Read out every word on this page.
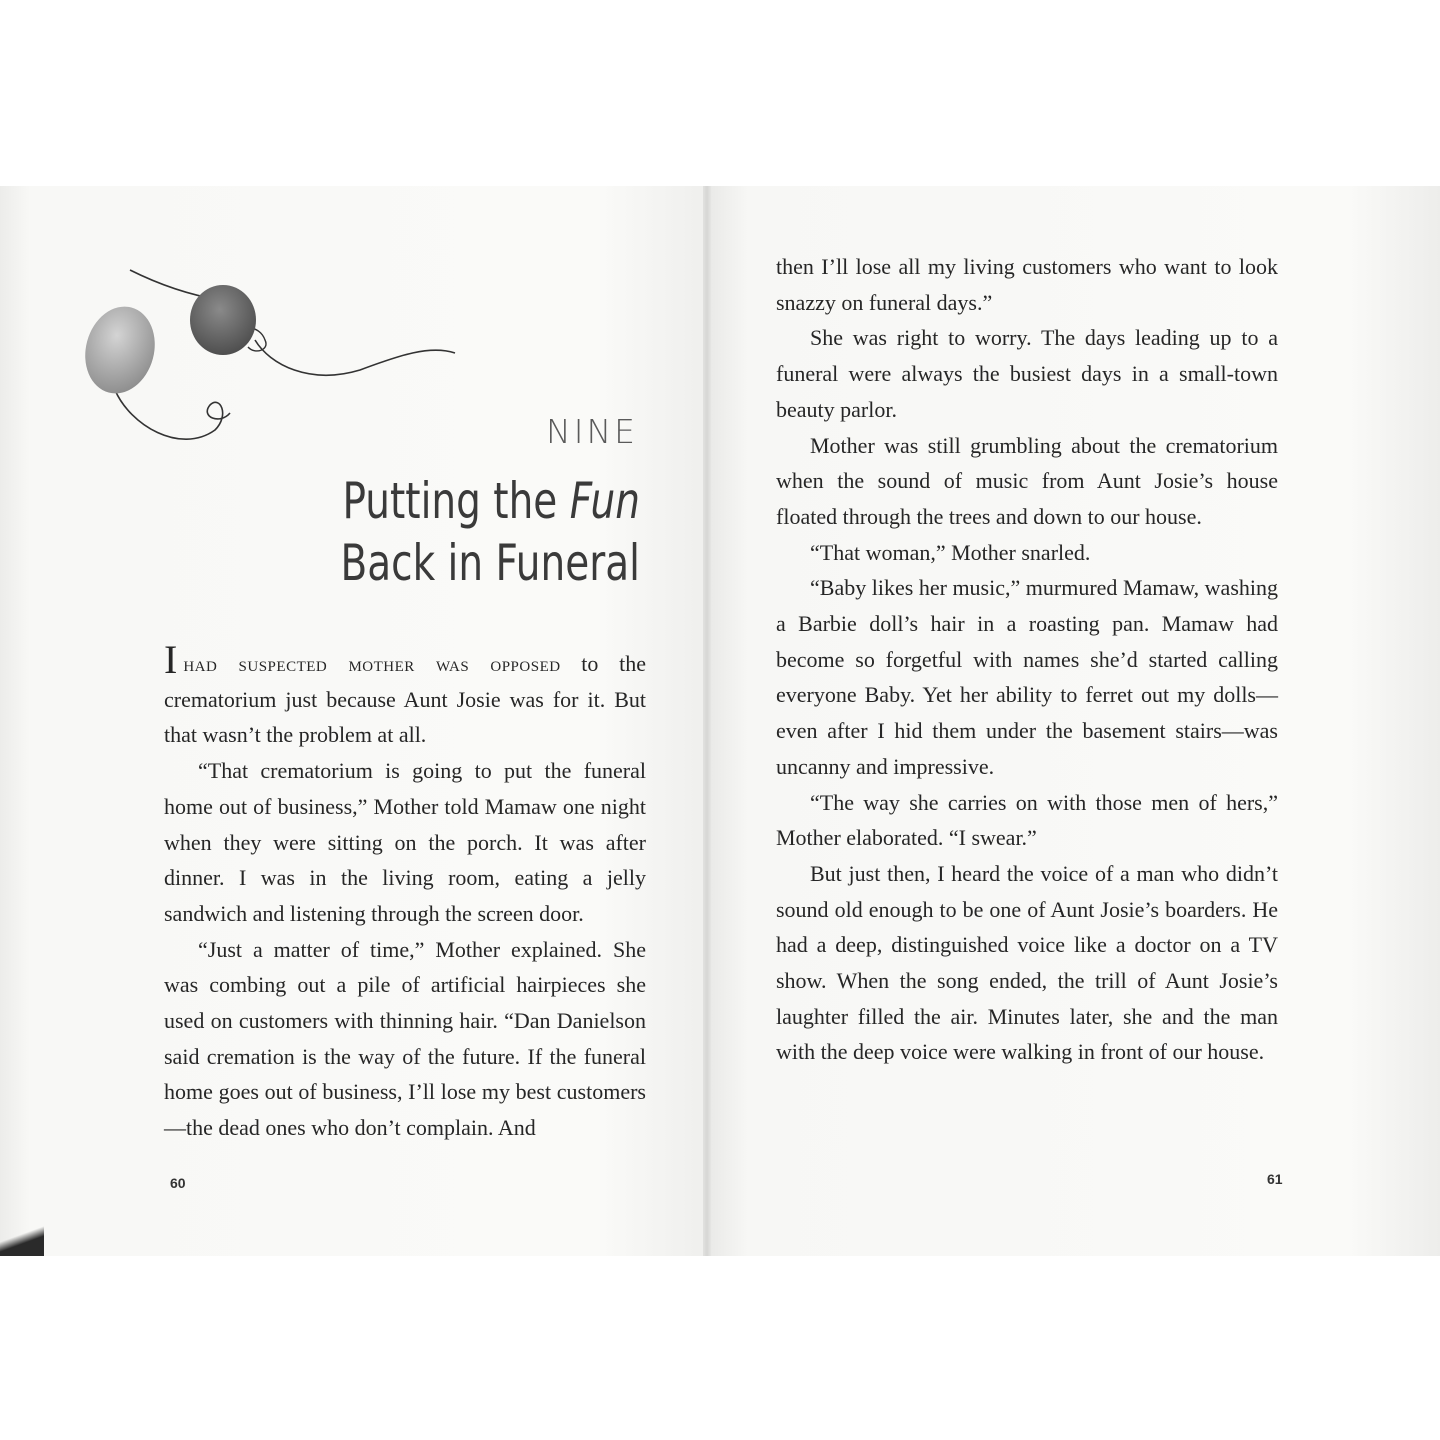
NINE
Putting the Fun Back in Funeral

Ihad suspected mother was opposed to the crematorium just because Aunt Josie was for it. But that wasn’t the problem at all.

“That crematorium is going to put the funeral home out of business,” Mother told Mamaw one night when they were sitting on the porch. It was after dinner. I was in the living room, eating a jelly sandwich and listening through the screen door.

“Just a matter of time,” Mother explained. She was combing out a pile of artificial hairpieces she used on customers with thinning hair. “Dan Danielson said cremation is the way of the future. If the funeral home goes out of business, I’ll lose my best customers—the dead ones who don’t complain. And

60

then I’ll lose all my living customers who want to look snazzy on funeral days.”

She was right to worry. The days leading up to a funeral were always the busiest days in a small-town beauty parlor.

Mother was still grumbling about the crematorium when the sound of music from Aunt Josie’s house floated through the trees and down to our house.

“That woman,” Mother snarled.

“Baby likes her music,” murmured Mamaw, washing a Barbie doll’s hair in a roasting pan. Mamaw had become so forgetful with names she’d started calling everyone Baby. Yet her ability to ferret out my dolls—even after I hid them under the basement stairs—was uncanny and impressive.

“The way she carries on with those men of hers,” Mother elaborated. “I swear.”

But just then, I heard the voice of a man who didn’t sound old enough to be one of Aunt Josie’s boarders. He had a deep, distinguished voice like a doctor on a TV show. When the song ended, the trill of Aunt Josie’s laughter filled the air. Minutes later, she and the man with the deep voice were walking in front of our house.

61
